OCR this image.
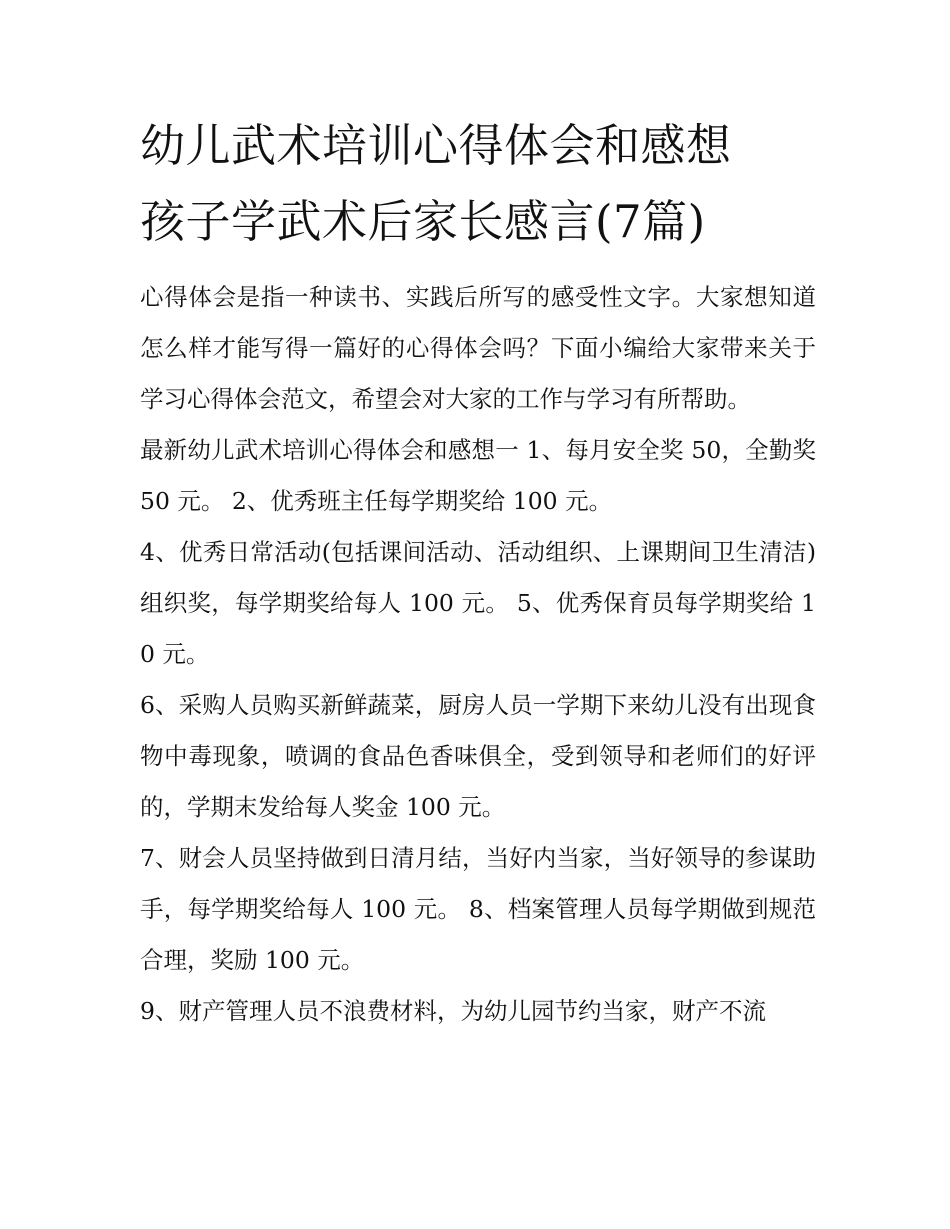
幼儿武术培训心得体会和感想
孩子学武术后家长感言(7篇)

心得体会是指一种读书、实践后所写的感受性文字。大家想知道怎么样才能写得一篇好的心得体会吗？下面小编给大家带来关于学习心得体会范文，希望会对大家的工作与学习有所帮助。

最新幼儿武术培训心得体会和感想一 1、每月安全奖 50，全勤奖 50 元。 2、优秀班主任每学期奖给 100 元。

4、优秀日常活动(包括课间活动、活动组织、上课期间卫生清洁)组织奖，每学期奖给每人 100 元。 5、优秀保育员每学期奖给 10 元。

6、采购人员购买新鲜蔬菜，厨房人员一学期下来幼儿没有出现食物中毒现象，喷调的食品色香味俱全，受到领导和老师们的好评的，学期末发给每人奖金 100 元。

7、财会人员坚持做到日清月结，当好内当家，当好领导的参谋助手，每学期奖给每人 100 元。 8、档案管理人员每学期做到规范合理，奖励 100 元。

9、财产管理人员不浪费材料，为幼儿园节约当家，财产不流
